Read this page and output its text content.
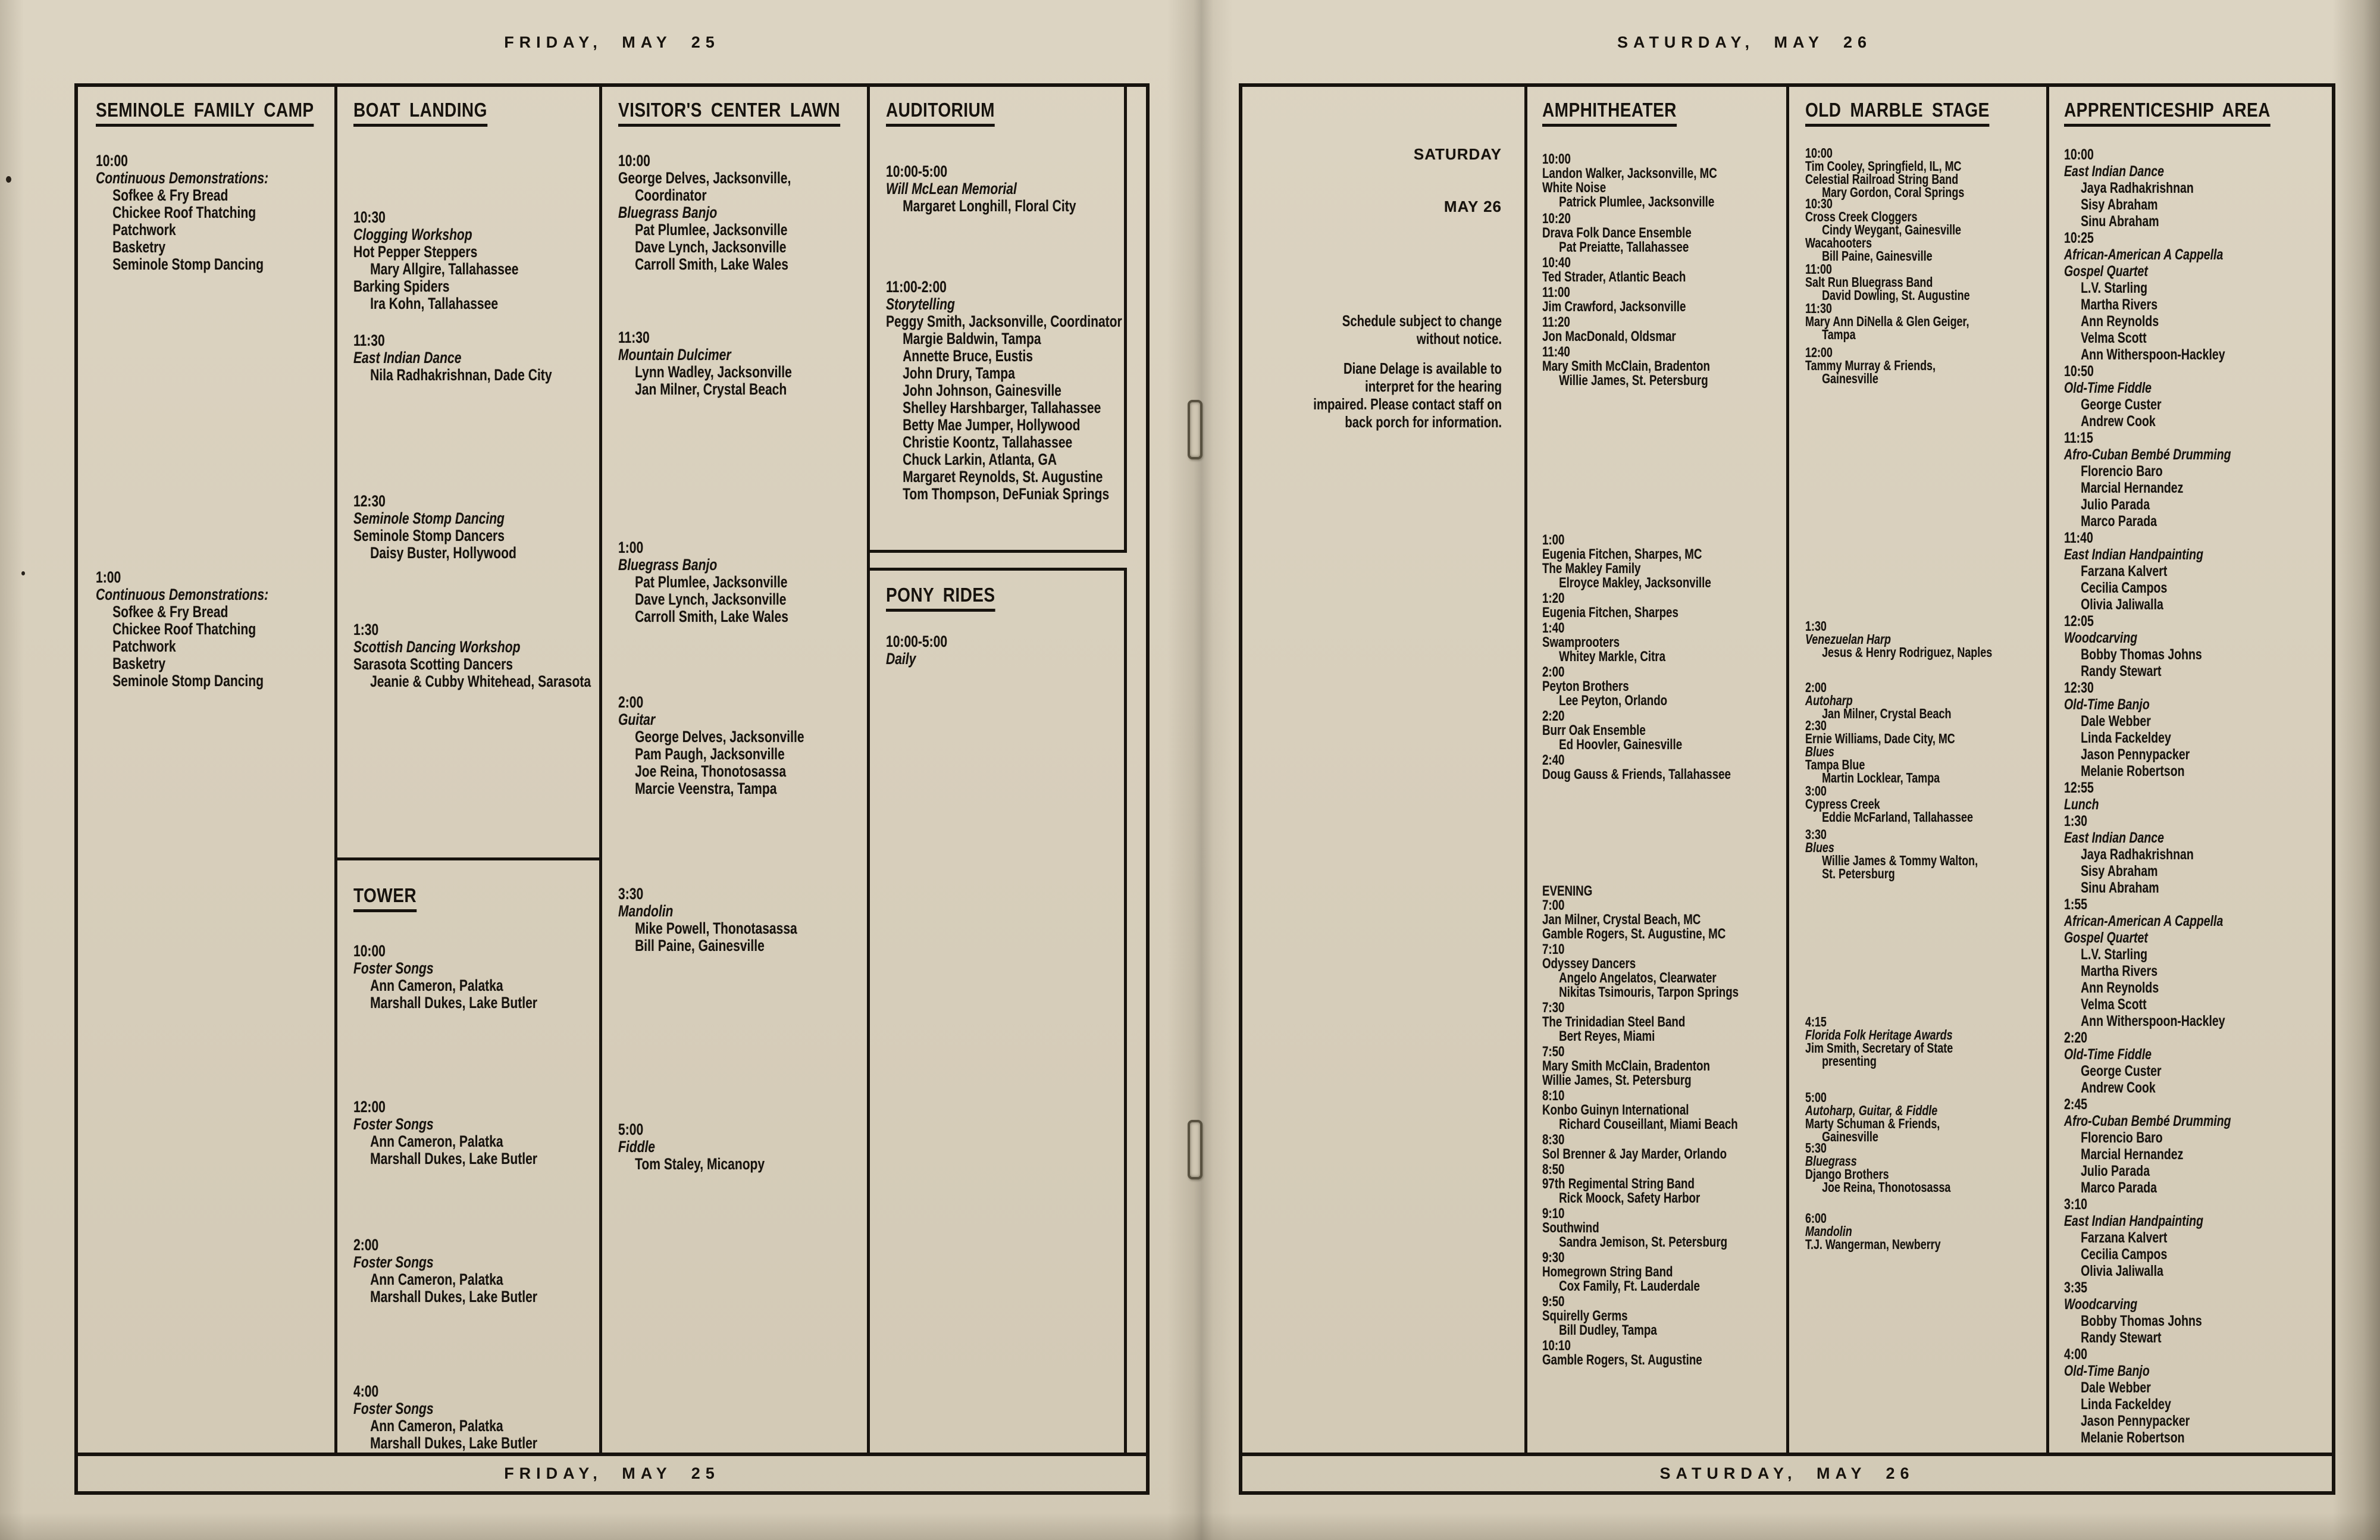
FRIDAY, MAY 25	SATURDAY, MAY 26
SEMINOLE FAMILY CAMP
10:00
Continuous Demonstrations:
Sofkee & Fry Bread
Chickee Roof Thatching
Patchwork
Basketry
Seminole Stomp Dancing
1:00
Continuous Demonstrations:
Sofkee & Fry Bread
Chickee Roof Thatching
Patchwork
Basketry
Seminole Stomp Dancing
BOAT LANDING
10:30
Clogging Workshop
Hot Pepper Steppers
Mary Allgire, Tallahassee
Barking Spiders
Ira Kohn, Tallahassee
11:30
East Indian Dance
Nila Radhakrishnan, Dade City
12:30
Seminole Stomp Dancing
Seminole Stomp Dancers
Daisy Buster, Hollywood
1:30
Scottish Dancing Workshop
Sarasota Scotting Dancers
Jeanie & Cubby Whitehead, Sarasota
TOWER
10:00
Foster Songs
Ann Cameron, Palatka
Marshall Dukes, Lake Butler
12:00
Foster Songs
Ann Cameron, Palatka
Marshall Dukes, Lake Butler
2:00
Foster Songs
Ann Cameron, Palatka
Marshall Dukes, Lake Butler
4:00
Foster Songs
Ann Cameron, Palatka
Marshall Dukes, Lake Butler
VISITOR'S CENTER LAWN
10:00
George Delves, Jacksonville,
Coordinator
Bluegrass Banjo
Pat Plumlee, Jacksonville
Dave Lynch, Jacksonville
Carroll Smith, Lake Wales
11:30
Mountain Dulcimer
Lynn Wadley, Jacksonville
Jan Milner, Crystal Beach
1:00
Bluegrass Banjo
Pat Plumlee, Jacksonville
Dave Lynch, Jacksonville
Carroll Smith, Lake Wales
2:00
Guitar
George Delves, Jacksonville
Pam Paugh, Jacksonville
Joe Reina, Thonotosassa
Marcie Veenstra, Tampa
3:30
Mandolin
Mike Powell, Thonotasassa
Bill Paine, Gainesville
5:00
Fiddle
Tom Staley, Micanopy
AUDITORIUM
10:00-5:00
Will McLean Memorial
Margaret Longhill, Floral City
11:00-2:00
Storytelling
Peggy Smith, Jacksonville, Coordinator
Margie Baldwin, Tampa
Annette Bruce, Eustis
John Drury, Tampa
John Johnson, Gainesville
Shelley Harshbarger, Tallahassee
Betty Mae Jumper, Hollywood
Christie Koontz, Tallahassee
Chuck Larkin, Atlanta, GA
Margaret Reynolds, St. Augustine
Tom Thompson, DeFuniak Springs
PONY RIDES
10:00-5:00
Daily
FRIDAY, MAY 25
SATURDAY
MAY 26
Schedule subject to change
without notice.
Diane Delage is available to
interpret for the hearing
impaired. Please contact staff on
back porch for information.
AMPHITHEATER
10:00
Landon Walker, Jacksonville, MC
White Noise
Patrick Plumlee, Jacksonville
10:20
Drava Folk Dance Ensemble
Pat Preiatte, Tallahassee
10:40
Ted Strader, Atlantic Beach
11:00
Jim Crawford, Jacksonville
11:20
Jon MacDonald, Oldsmar
11:40
Mary Smith McClain, Bradenton
Willie James, St. Petersburg
1:00
Eugenia Fitchen, Sharpes, MC
The Makley Family
Elroyce Makley, Jacksonville
1:20
Eugenia Fitchen, Sharpes
1:40
Swamprooters
Whitey Markle, Citra
2:00
Peyton Brothers
Lee Peyton, Orlando
2:20
Burr Oak Ensemble
Ed Hoovler, Gainesville
2:40
Doug Gauss & Friends, Tallahassee
EVENING
7:00
Jan Milner, Crystal Beach, MC
Gamble Rogers, St. Augustine, MC
7:10
Odyssey Dancers
Angelo Angelatos, Clearwater
Nikitas Tsimouris, Tarpon Springs
7:30
The Trinidadian Steel Band
Bert Reyes, Miami
7:50
Mary Smith McClain, Bradenton
Willie James, St. Petersburg
8:10
Konbo Guinyn International
Richard Couseillant, Miami Beach
8:30
Sol Brenner & Jay Marder, Orlando
8:50
97th Regimental String Band
Rick Moock, Safety Harbor
9:10
Southwind
Sandra Jemison, St. Petersburg
9:30
Homegrown String Band
Cox Family, Ft. Lauderdale
9:50
Squirelly Germs
Bill Dudley, Tampa
10:10
Gamble Rogers, St. Augustine
OLD MARBLE STAGE
10:00
Tim Cooley, Springfield, IL, MC
Celestial Railroad String Band
Mary Gordon, Coral Springs
10:30
Cross Creek Cloggers
Cindy Weygant, Gainesville
Wacahooters
Bill Paine, Gainesville
11:00
Salt Run Bluegrass Band
David Dowling, St. Augustine
11:30
Mary Ann DiNella & Glen Geiger,
Tampa
12:00
Tammy Murray & Friends,
Gainesville
1:30
Venezuelan Harp
Jesus & Henry Rodriguez, Naples
2:00
Autoharp
Jan Milner, Crystal Beach
2:30
Ernie Williams, Dade City, MC
Blues
Tampa Blue
Martin Locklear, Tampa
3:00
Cypress Creek
Eddie McFarland, Tallahassee
3:30
Blues
Willie James & Tommy Walton,
St. Petersburg
4:15
Florida Folk Heritage Awards
Jim Smith, Secretary of State
presenting
5:00
Autoharp, Guitar, & Fiddle
Marty Schuman & Friends,
Gainesville
5:30
Bluegrass
Django Brothers
Joe Reina, Thonotosassa
6:00
Mandolin
T.J. Wangerman, Newberry
APPRENTICESHIP AREA
10:00
East Indian Dance
Jaya Radhakrishnan
Sisy Abraham
Sinu Abraham
10:25
African-American A Cappella
Gospel Quartet
L.V. Starling
Martha Rivers
Ann Reynolds
Velma Scott
Ann Witherspoon-Hackley
10:50
Old-Time Fiddle
George Custer
Andrew Cook
11:15
Afro-Cuban Bembé Drumming
Florencio Baro
Marcial Hernandez
Julio Parada
Marco Parada
11:40
East Indian Handpainting
Farzana Kalvert
Cecilia Campos
Olivia Jaliwalla
12:05
Woodcarving
Bobby Thomas Johns
Randy Stewart
12:30
Old-Time Banjo
Dale Webber
Linda Fackeldey
Jason Pennypacker
Melanie Robertson
12:55
Lunch
1:30
East Indian Dance
Jaya Radhakrishnan
Sisy Abraham
Sinu Abraham
1:55
African-American A Cappella
Gospel Quartet
L.V. Starling
Martha Rivers
Ann Reynolds
Velma Scott
Ann Witherspoon-Hackley
2:20
Old-Time Fiddle
George Custer
Andrew Cook
2:45
Afro-Cuban Bembé Drumming
Florencio Baro
Marcial Hernandez
Julio Parada
Marco Parada
3:10
East Indian Handpainting
Farzana Kalvert
Cecilia Campos
Olivia Jaliwalla
3:35
Woodcarving
Bobby Thomas Johns
Randy Stewart
4:00
Old-Time Banjo
Dale Webber
Linda Fackeldey
Jason Pennypacker
Melanie Robertson
SATURDAY, MAY 26
